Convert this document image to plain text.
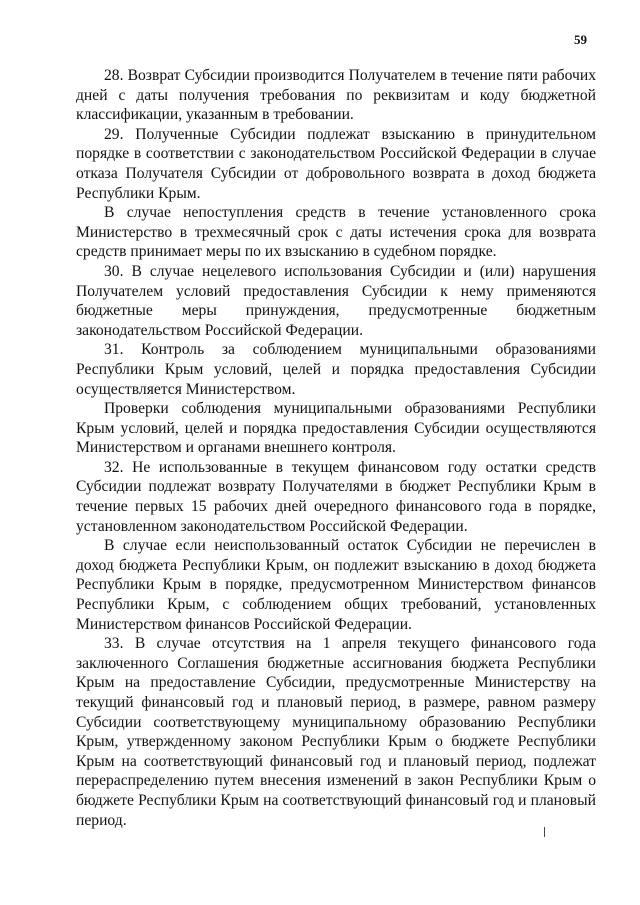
59

28. Возврат Субсидии производится Получателем в течение пяти рабочих дней с даты получения требования по реквизитам и коду бюджетной классификации, указанным в требовании.

29. Полученные Субсидии подлежат взысканию в принудительном порядке в соответствии с законодательством Российской Федерации в случае отказа Получателя Субсидии от добровольного возврата в доход бюджета Республики Крым.

В случае непоступления средств в течение установленного срока Министерство в трехмесячный срок с даты истечения срока для возврата средств принимает меры по их взысканию в судебном порядке.

30. В случае нецелевого использования Субсидии и (или) нарушения Получателем условий предоставления Субсидии к нему применяются бюджетные меры принуждения, предусмотренные бюджетным законодательством Российской Федерации.

31. Контроль за соблюдением муниципальными образованиями Республики Крым условий, целей и порядка предоставления Субсидии осуществляется Министерством.

Проверки соблюдения муниципальными образованиями Республики Крым условий, целей и порядка предоставления Субсидии осуществляются Министерством и органами внешнего контроля.

32. Не использованные в текущем финансовом году остатки средств Субсидии подлежат возврату Получателями в бюджет Республики Крым в течение первых 15 рабочих дней очередного финансового года в порядке, установленном законодательством Российской Федерации.

В случае если неиспользованный остаток Субсидии не перечислен в доход бюджета Республики Крым, он подлежит взысканию в доход бюджета Республики Крым в порядке, предусмотренном Министерством финансов Республики Крым, с соблюдением общих требований, установленных Министерством финансов Российской Федерации.

33. В случае отсутствия на 1 апреля текущего финансового года заключенного Соглашения бюджетные ассигнования бюджета Республики Крым на предоставление Субсидии, предусмотренные Министерству на текущий финансовый год и плановый период, в размере, равном размеру Субсидии соответствующему муниципальному образованию Республики Крым, утвержденному законом Республики Крым о бюджете Республики Крым на соответствующий финансовый год и плановый период, подлежат перераспределению путем внесения изменений в закон Республики Крым о бюджете Республики Крым на соответствующий финансовый год и плановый период.
